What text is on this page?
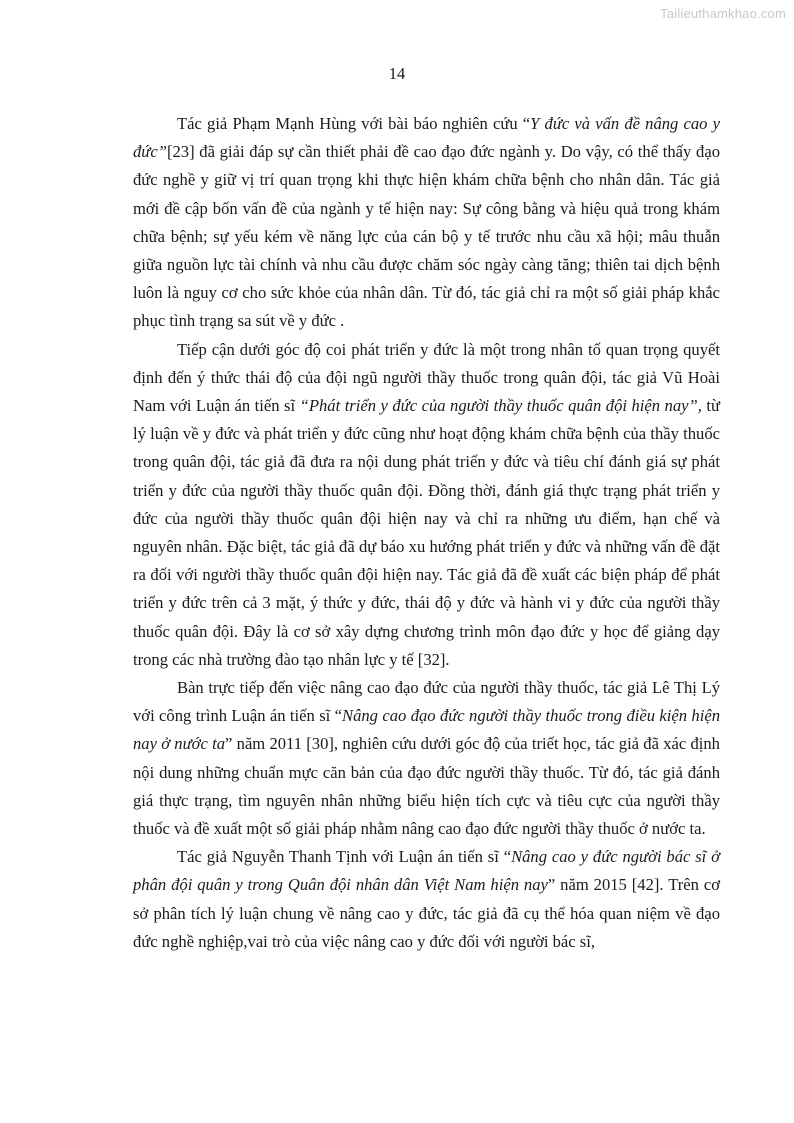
Tailieuthamkhao.com
14

Tác giả Phạm Mạnh Hùng với bài báo nghiên cứu “Y đức và vấn đề nâng cao y đức”[23] đã giải đáp sự cần thiết phải đề cao đạo đức ngành y. Do vậy, có thể thấy đạo đức nghề y giữ vị trí quan trọng khi thực hiện khám chữa bệnh cho nhân dân. Tác giả mới đề cập bốn vấn đề của ngành y tế hiện nay: Sự công bằng và hiệu quả trong khám chữa bệnh; sự yếu kém về năng lực của cán bộ y tế trước nhu cầu xã hội; mâu thuẫn giữa nguồn lực tài chính và nhu cầu được chăm sóc ngày càng tăng; thiên tai dịch bệnh luôn là nguy cơ cho sức khỏe của nhân dân. Từ đó, tác giả chỉ ra một số giải pháp khắc phục tình trạng sa sút về y đức .

Tiếp cận dưới góc độ coi phát triển y đức là một trong nhân tố quan trọng quyết định đến ý thức thái độ của đội ngũ người thầy thuốc trong quân đội, tác giả Vũ Hoài Nam với Luận án tiến sĩ “Phát triển y đức của người thầy thuốc quân đội hiện nay”, từ lý luận về y đức và phát triển y đức cũng như hoạt động khám chữa bệnh của thầy thuốc trong quân đội, tác giả đã đưa ra nội dung phát triển y đức và tiêu chí đánh giá sự phát triển y đức của người thầy thuốc quân đội. Đồng thời, đánh giá thực trạng phát triển y đức của người thầy thuốc quân đội hiện nay và chỉ ra những ưu điểm, hạn chế và nguyên nhân. Đặc biệt, tác giả đã dự báo xu hướng phát triển y đức và những vấn đề đặt ra đối với người thầy thuốc quân đội hiện nay. Tác giả đã đề xuất các biện pháp để phát triển y đức trên cả 3 mặt, ý thức y đức, thái độ y đức và hành vi y đức của người thầy thuốc quân đội. Đây là cơ sở xây dựng chương trình môn đạo đức y học để giảng dạy trong các nhà trường đào tạo nhân lực y tế [32].

Bàn trực tiếp đến việc nâng cao đạo đức của người thầy thuốc, tác giả Lê Thị Lý với công trình Luận án tiến sĩ “Nâng cao đạo đức người thầy thuốc trong điều kiện hiện nay ở nước ta” năm 2011 [30], nghiên cứu dưới góc độ của triết học, tác giả đã xác định nội dung những chuẩn mực căn bản của đạo đức người thầy thuốc. Từ đó, tác giả đánh giá thực trạng, tìm nguyên nhân những biểu hiện tích cực và tiêu cực của người thầy thuốc và đề xuất một số giải pháp nhằm nâng cao đạo đức người thầy thuốc ở nước ta.

Tác giả Nguyễn Thanh Tịnh với Luận án tiến sĩ “Nâng cao y đức người bác sĩ ở phân đội quân y trong Quân đội nhân dân Việt Nam hiện nay” năm 2015 [42]. Trên cơ sở phân tích lý luận chung về nâng cao y đức, tác giả đã cụ thể hóa quan niệm về đạo đức nghề nghiệp,vai trò của việc nâng cao y đức đối với người bác sĩ,
